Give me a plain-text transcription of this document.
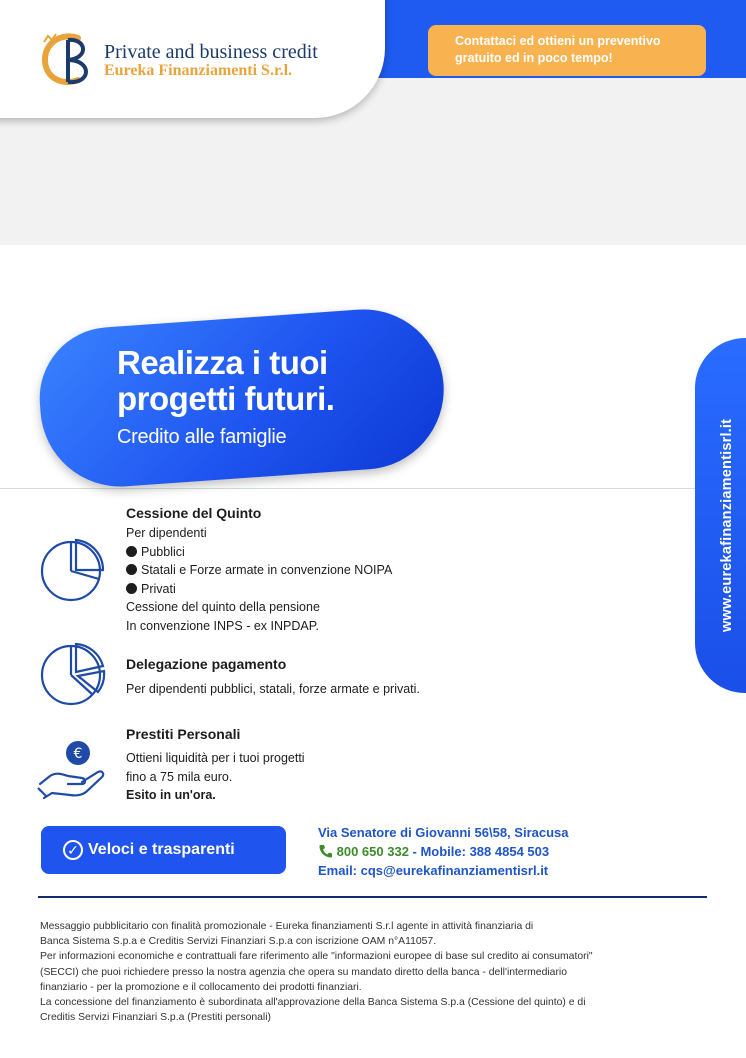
Private and business credit
Eureka Finanziamenti S.r.l.
Contattaci ed ottieni un preventivo gratuito ed in poco tempo!
Realizza i tuoi
progetti futuri.
Credito alle famiglie	www.eurekafinanziamentisrl.it
Cessione del Quinto
Per dipendenti
Pubblici
Statali e Forze armate in convenzione NOIPA
Privati
Cessione del quinto della pensione
In convenzione INPS - ex INPDAP.
Delegazione pagamento
Per dipendenti pubblici, statali, forze armate e privati.
€
Prestiti Personali
Ottieni liquidità per i tuoi progetti
fino a 75 mila euro.
Esito in un'ora.
✓ Veloci e trasparenti
Via Senatore di Giovanni 56\58, Siracusa
800 650 332 - Mobile: 388 4854 503
Email: cqs@eurekafinanziamentisrl.it

Messaggio pubblicitario con finalità promozionale - Eureka finanziamenti S.r.l agente in attività finanziaria di

Banca Sistema S.p.a e Creditis Servizi Finanziari S.p.a con iscrizione OAM n°A11057.

Per informazioni economiche e contrattuali fare riferimento alle "informazioni europee di base sul credito ai consumatori"

(SECCI) che puoi richiedere presso la nostra agenzia che opera su mandato diretto della banca - dell'intermediario

finanziario - per la promozione e il collocamento dei prodotti finanziari.

La concessione del finanziamento è subordinata all'approvazione della Banca Sistema S.p.a (Cessione del quinto) e di

Creditis Servizi Finanziari S.p.a (Prestiti personali)
